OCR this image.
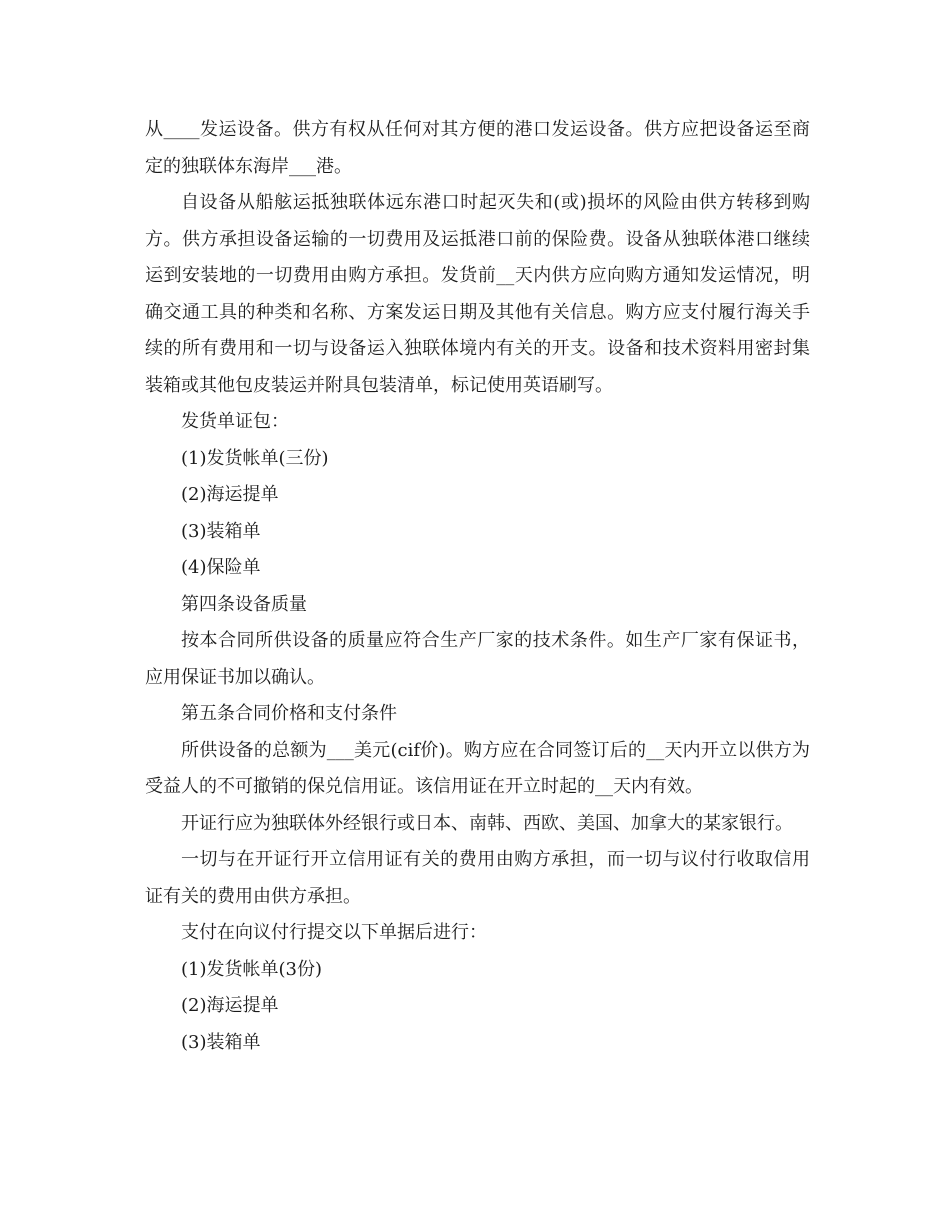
从____发运设备。供方有权从任何对其方便的港口发运设备。供方应把设备运至商定的独联体东海岸___港。

自设备从船舷运抵独联体远东港口时起灭失和(或)损坏的风险由供方转移到购方。供方承担设备运输的一切费用及运抵港口前的保险费。设备从独联体港口继续运到安装地的一切费用由购方承担。发货前__天内供方应向购方通知发运情况，明确交通工具的种类和名称、方案发运日期及其他有关信息。购方应支付履行海关手续的所有费用和一切与设备运入独联体境内有关的开支。设备和技术资料用密封集装箱或其他包皮装运并附具包装清单，标记使用英语刷写。

发货单证包：

(1)发货帐单(三份)

(2)海运提单

(3)装箱单

(4)保险单

第四条设备质量

按本合同所供设备的质量应符合生产厂家的技术条件。如生产厂家有保证书，应用保证书加以确认。

第五条合同价格和支付条件

所供设备的总额为___美元(cif价)。购方应在合同签订后的__天内开立以供方为受益人的不可撤销的保兑信用证。该信用证在开立时起的__天内有效。

开证行应为独联体外经银行或日本、南韩、西欧、美国、加拿大的某家银行。

一切与在开证行开立信用证有关的费用由购方承担，而一切与议付行收取信用证有关的费用由供方承担。

支付在向议付行提交以下单据后进行：

(1)发货帐单(3份)

(2)海运提单

(3)装箱单
